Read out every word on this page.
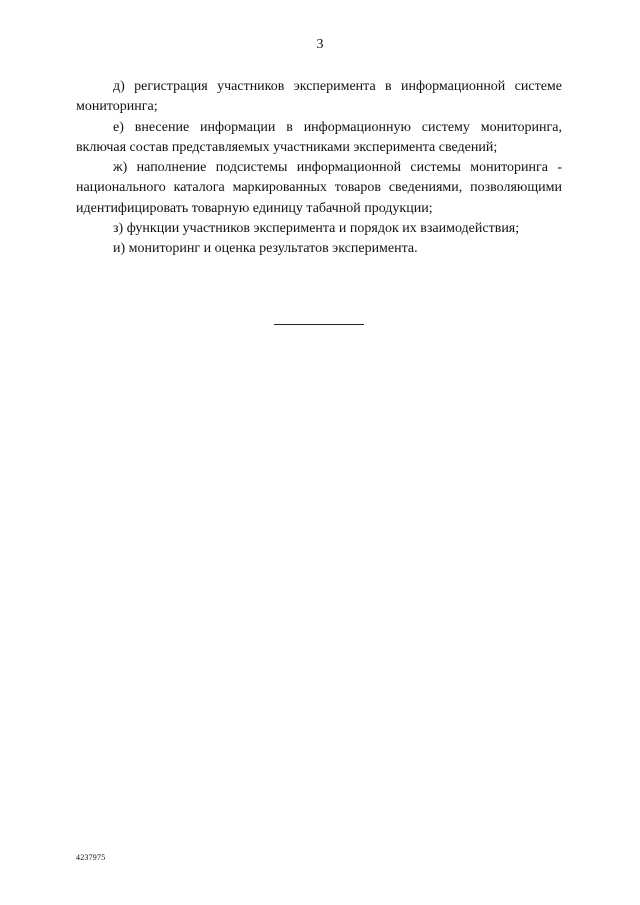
3

д) регистрация участников эксперимента в информационной системе мониторинга;

е) внесение информации в информационную систему мониторинга, включая состав представляемых участниками эксперимента сведений;

ж) наполнение подсистемы информационной системы мониторинга - национального каталога маркированных товаров сведениями, позволяющими идентифицировать товарную единицу табачной продукции;

з) функции участников эксперимента и порядок их взаимодействия;

и) мониторинг и оценка результатов эксперимента.

4237975
